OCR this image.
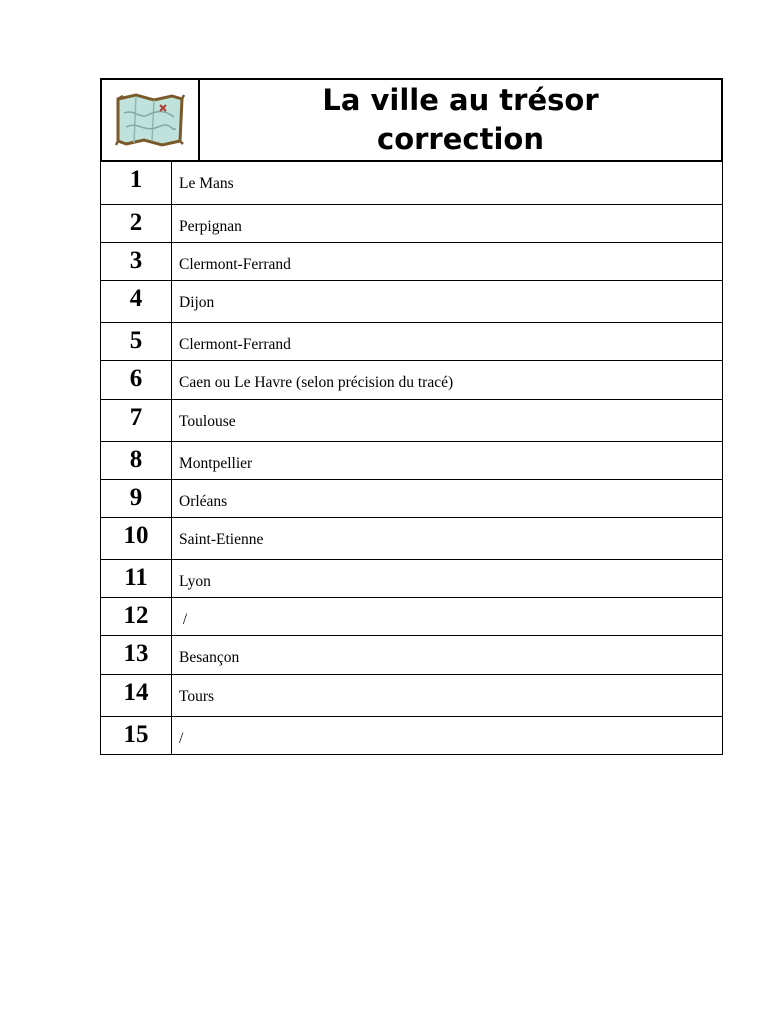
La ville au trésor
correction
1	Le Mans
2	Perpignan
3	Clermont-Ferrand
4	Dijon
5	Clermont-Ferrand
6	Caen ou Le Havre (selon précision du tracé)
7	Toulouse
8	Montpellier
9	Orléans
10	Saint-Etienne
11	Lyon
12	/
13	Besançon
14	Tours
15	/
